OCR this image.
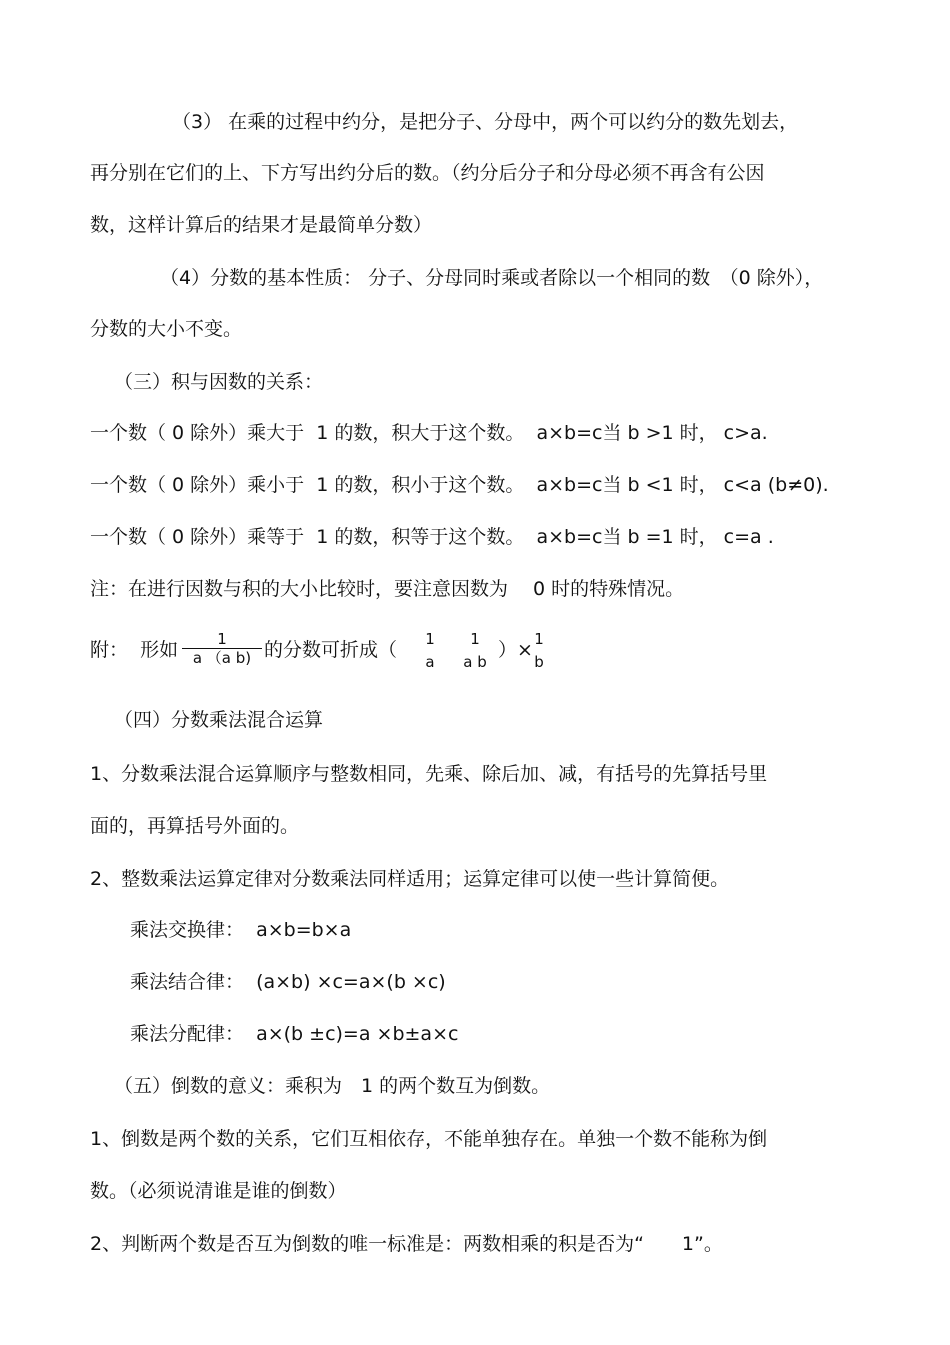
（3） 在乘的过程中约分，是把分子、分母中，两个可以约分的数先划去，
再分别在它们的上、下方写出约分后的数。（约分后分子和分母必须不再含有公因
数，这样计算后的结果才是最简单分数）
（4）分数的基本性质： 分子、分母同时乘或者除以一个相同的数　（0 除外），
分数的大小不变。
（三）积与因数的关系：
一个数（ 0 除外）乘大于  1 的数，积大于这个数。  a×b=c当 b >1 时， c>a.
一个数（ 0 除外）乘小于  1 的数，积小于这个数。  a×b=c当 b <1 时， c<a (b≠0).
一个数（ 0 除外）乘等于  1 的数，积等于这个数。  a×b=c当 b =1 时， c=a .
注：在进行因数与积的大小比较时，要注意因数为　 0 时的特殊情况。
附：  形如	1
a （a b) 的分数可折成（	1
a
1
a b
）× 1
b
（四）分数乘法混合运算
1、分数乘法混合运算顺序与整数相同，先乘、除后加、减，有括号的先算括号里
面的，再算括号外面的。
2、整数乘法运算定律对分数乘法同样适用；运算定律可以使一些计算简便。
乘法交换律：  a×b=b×a
乘法结合律：  (a×b) ×c=a×(b ×c)
乘法分配律：  a×(b ±c)=a ×b±a×c
（五）倒数的意义：乘积为　1 的两个数互为倒数。
1、倒数是两个数的关系，它们互相依存，不能单独存在。单独一个数不能称为倒
数。（必须说清谁是谁的倒数）
2、判断两个数是否互为倒数的唯一标准是：两数相乘的积是否为“　　1”。
